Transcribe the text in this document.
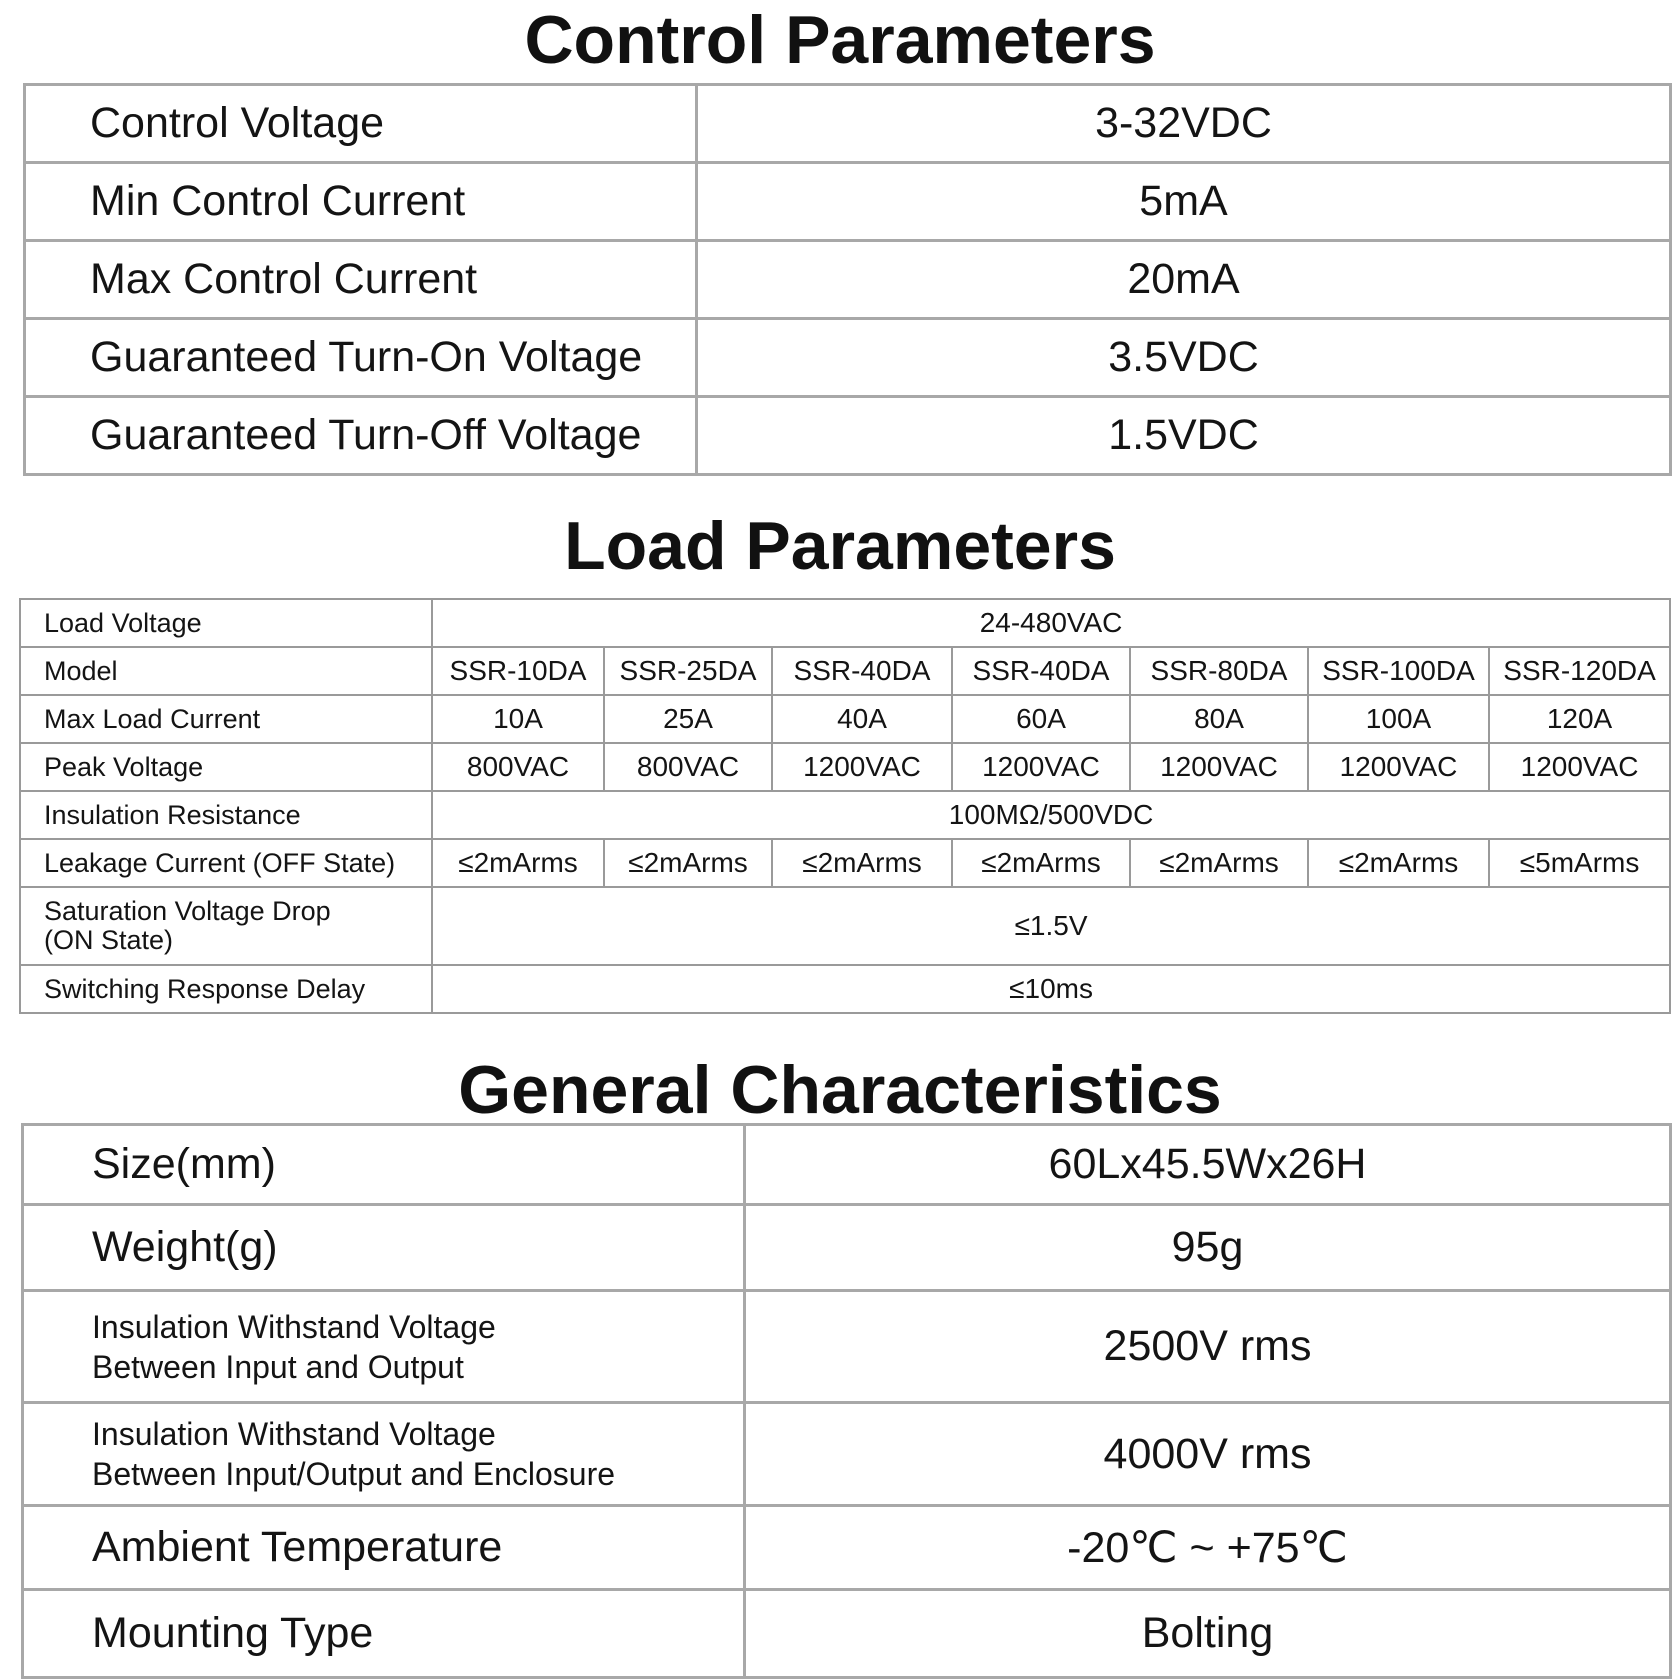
Control Parameters
Control Voltage	3-32VDC
Min Control Current	5mA
Max Control Current	20mA
Guaranteed Turn-On Voltage	3.5VDC
Guaranteed Turn-Off Voltage	1.5VDC
Load Parameters
Load Voltage	24-480VAC						
Model	SSR-10DA	SSR-25DA	SSR-40DA	SSR-40DA	SSR-80DA	SSR-100DA	SSR-120DA
Max Load Current	10A	25A	40A	60A	80A	100A	120A
Peak Voltage	800VAC	800VAC	1200VAC	1200VAC	1200VAC	1200VAC	1200VAC
Insulation Resistance	100MΩ/500VDC						
Leakage Current (OFF State)	≤2mArms	≤2mArms	≤2mArms	≤2mArms	≤2mArms	≤2mArms	≤5mArms

Saturation Voltage Drop
(ON State)	≤1.5V						
Switching Response Delay	≤10ms						
General Characteristics
Size(mm)	60Lx45.5Wx26H
Weight(g)	95g

Insulation Withstand Voltage
Between Input and Output	2500V rms

Insulation Withstand Voltage
Between Input/Output and Enclosure	4000V rms
Ambient Temperature	-20℃ ~ +75℃
Mounting Type	Bolting
